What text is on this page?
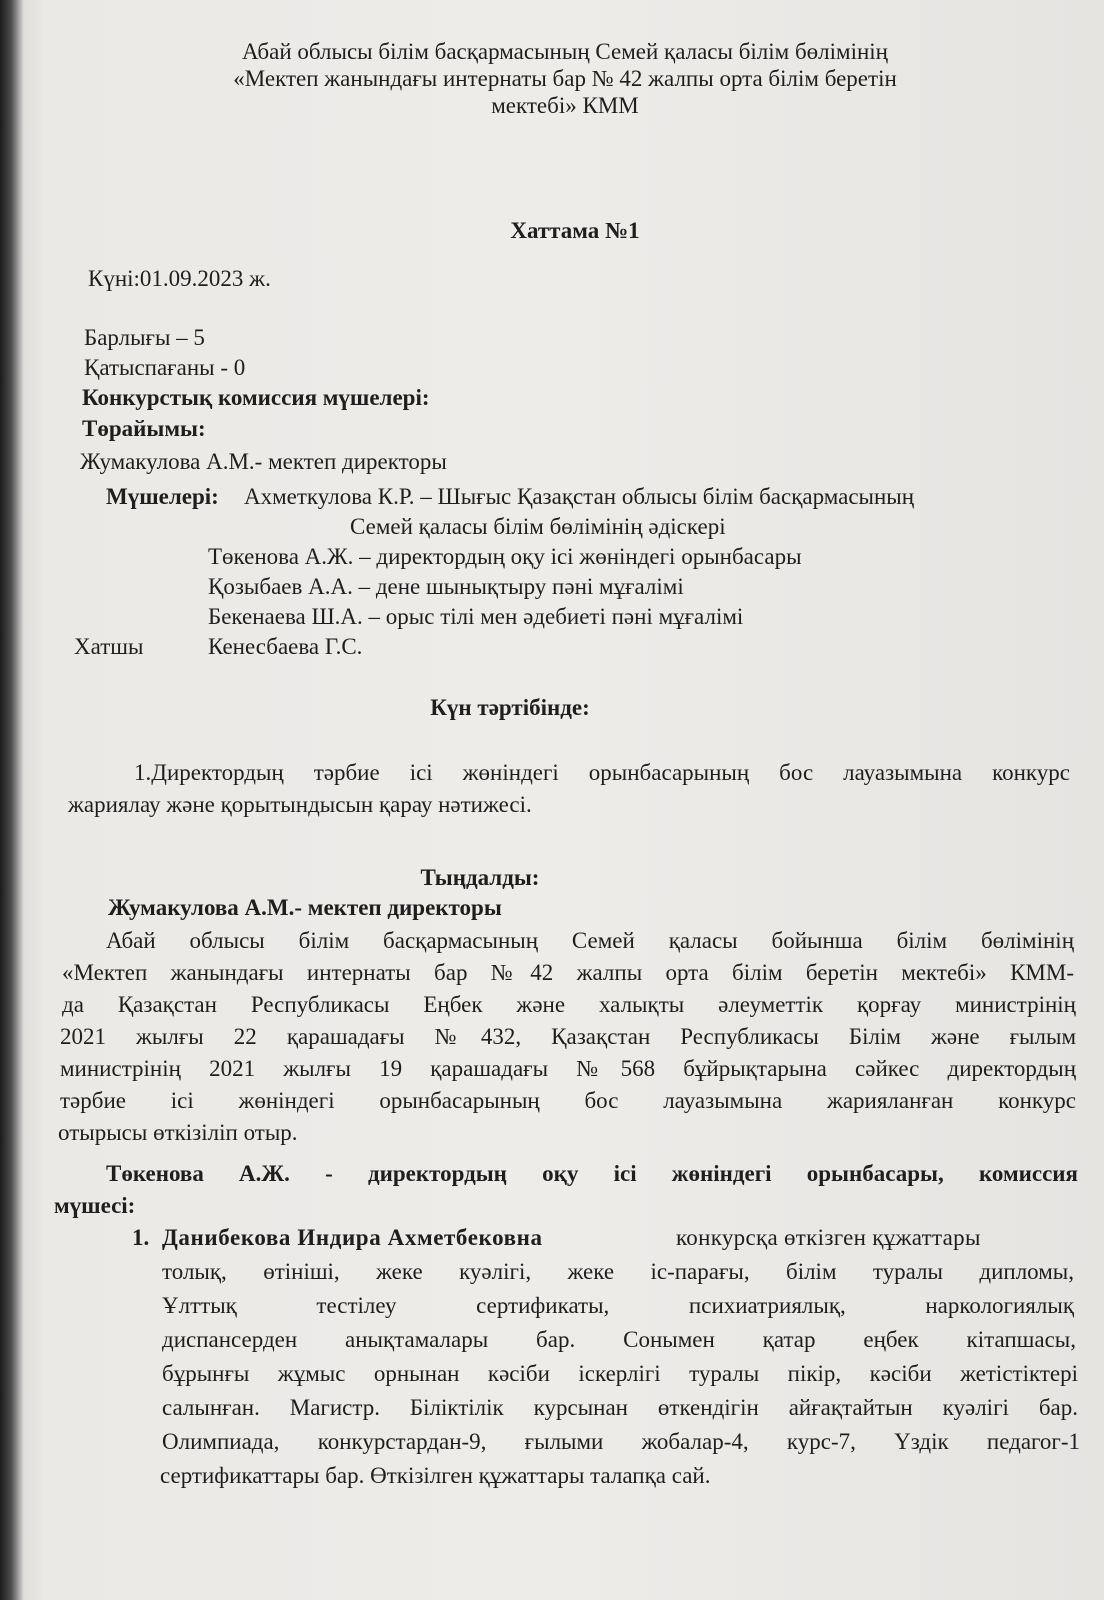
Абай облысы білім басқармасының Семей қаласы білім бөлімінің
«Мектеп жанындағы интернаты бар № 42 жалпы орта білім беретін
мектебі» КММ
Хаттама №1
Күні:01.09.2023 ж.
Барлығы – 5
Қатыспағаны - 0
Конкурстық комиссия мүшелері:
Төрайымы:
Жумакулова А.М.- мектеп директоры
Мүшелері: Ахметкулова К.Р. – Шығыс Қазақстан облысы білім басқармасының
Семей қаласы білім бөлімінің әдіскері
Төкенова А.Ж. – директордың оқу ісі жөніндегі орынбасары
Қозыбаев А.А. – дене шынықтыру пәні мұғалімі
Бекенаева Ш.А. – орыс тілі мен әдебиеті пәні мұғалімі
Хатшы	Кенесбаева Г.С.
Күн тәртібінде:
1.Директордың тәрбие ісі жөніндегі орынбасарының бос лауазымына конкурс
жариялау және қорытындысын қарау нәтижесі.
Тыңдалды:
Жумакулова А.М.- мектеп директоры
Абай облысы білім басқармасының Семей қаласы бойынша білім бөлімінің
«Мектеп жанындағы интернаты бар №42 жалпы орта білім беретін мектебі» КММ-
да Қазақстан Республикасы Еңбек және халықты әлеуметтік қорғау министрінің
2021 жылғы 22 қарашадағы №432, Қазақстан Республикасы Білім және ғылым
министрінің 2021 жылғы 19 қарашадағы №568 бұйрықтарына сәйкес директордың
тәрбие ісі жөніндегі орынбасарының бос лауазымына жарияланған конкурс
отырысы өткізіліп отыр.
Төкенова А.Ж. - директордың оқу ісі жөніндегі орынбасары, комиссия
мүшесі:
1. Данибекова Индира Ахметбековна	конкурсқа өткізген құжаттары
толық, өтініші, жеке куәлігі, жеке іс-парағы, білім туралы дипломы,
Ұлттық тестілеу сертификаты, психиатриялық, наркологиялық
диспансерден анықтамалары бар. Сонымен қатар еңбек кітапшасы,
бұрынғы жұмыс орнынан кәсіби іскерлігі туралы пікір, кәсіби жетістіктері
салынған. Магистр. Біліктілік курсынан өткендігін айғақтайтын куәлігі бар.
Олимпиада, конкурстардан-9, ғылыми жобалар-4, курс-7, Үздік педагог-1
сертификаттары бар. Өткізілген құжаттары талапқа сай.
